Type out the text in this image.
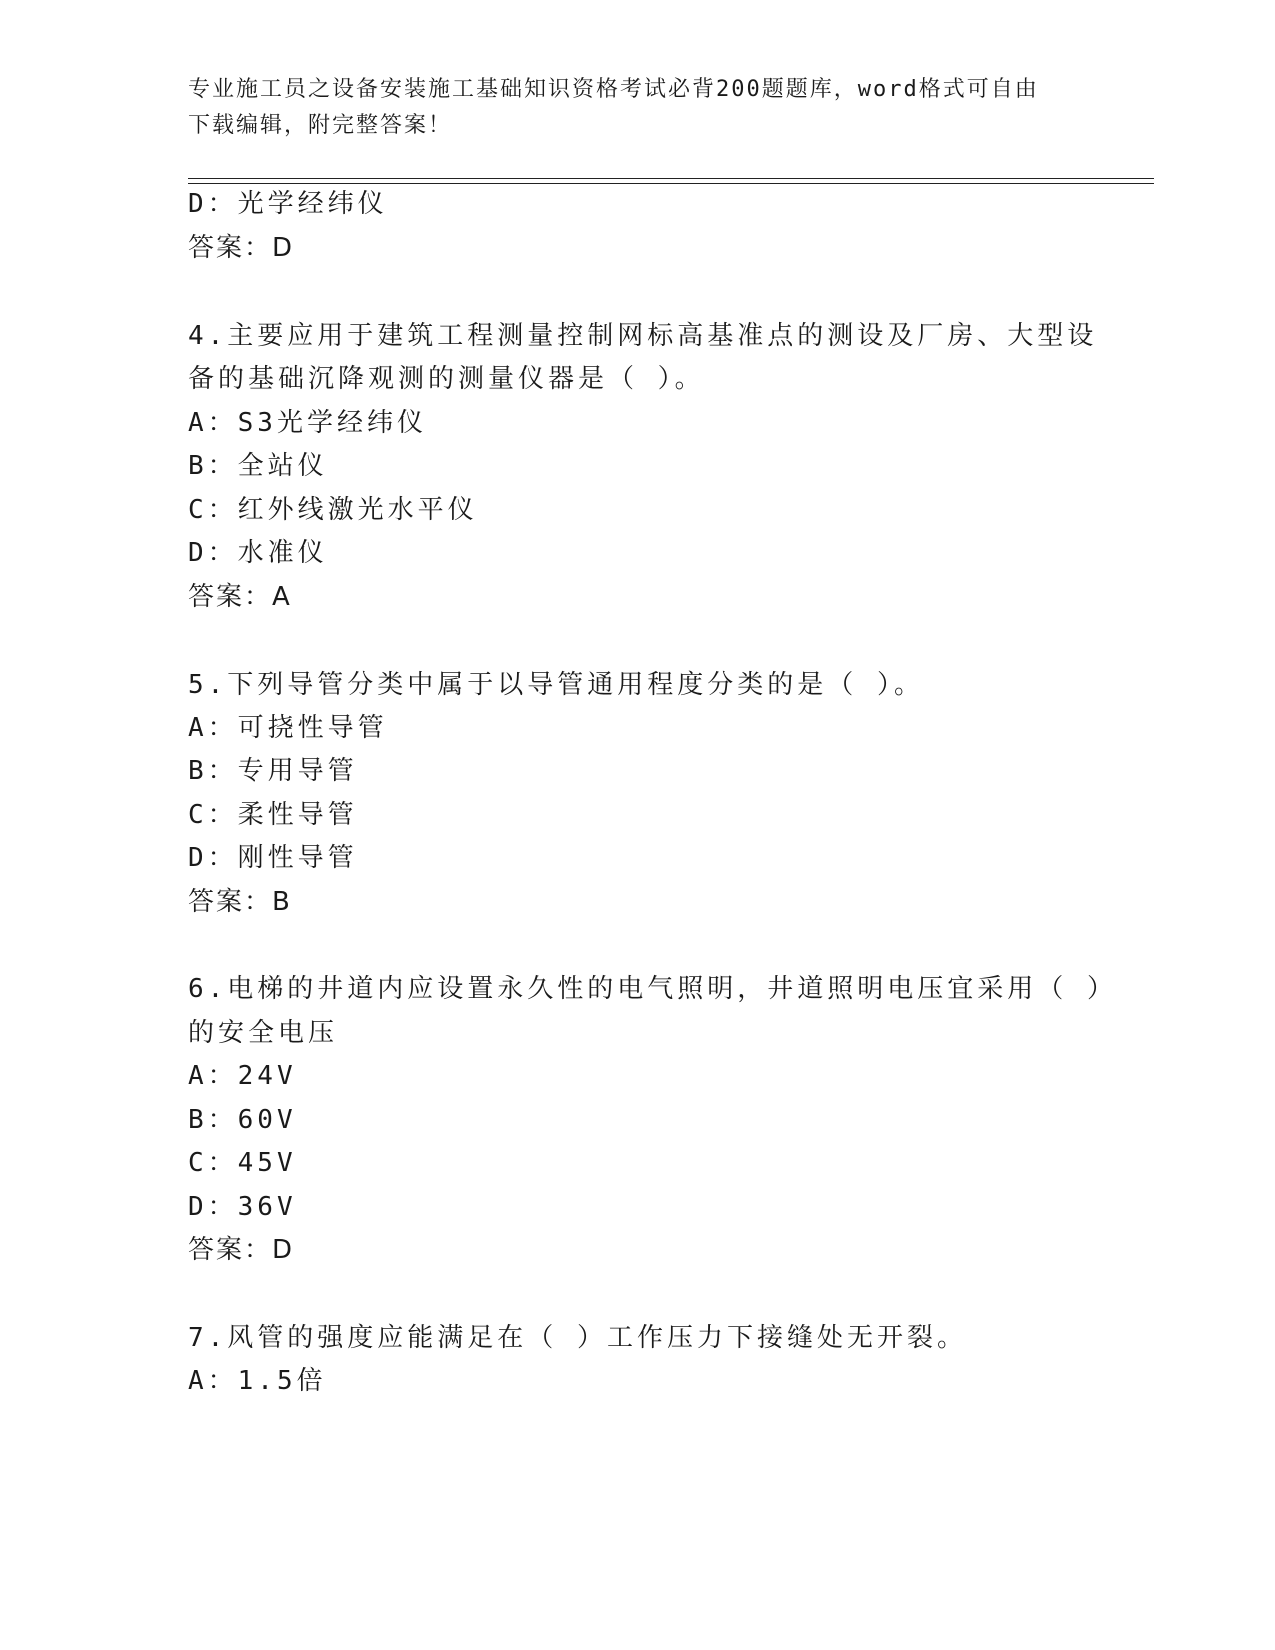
专业施工员之设备安装施工基础知识资格考试必背200题题库，word格式可自由
下载编辑，附完整答案！
D：光学经纬仪
答案：D
4.主要应用于建筑工程测量控制网标高基准点的测设及厂房、大型设
备的基础沉降观测的测量仪器是（ ）。
A：S3光学经纬仪
B：全站仪
C：红外线激光水平仪
D：水准仪
答案：A
5.下列导管分类中属于以导管通用程度分类的是（ ）。
A：可挠性导管
B：专用导管
C：柔性导管
D：刚性导管
答案：B
6.电梯的井道内应设置永久性的电气照明，井道照明电压宜采用（ ）
的安全电压
A：24V
B：60V
C：45V
D：36V
答案：D
7.风管的强度应能满足在（ ）工作压力下接缝处无开裂。
A：1.5倍
